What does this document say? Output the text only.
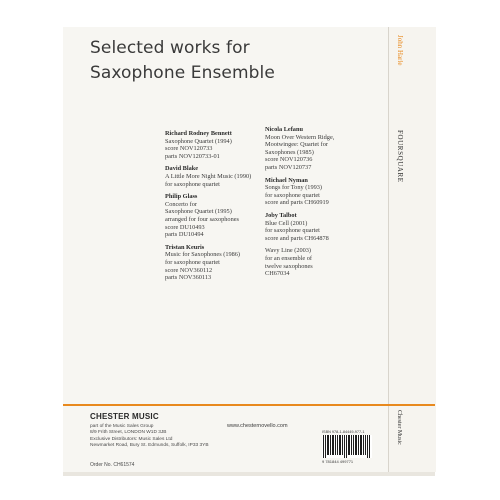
Selected works for
Saxophone Ensemble
John Harle
FOURSQUARE
Chester Music
Richard Rodney Bennett
Saxophone Quartet (1994)
score NOV120733
parts NOV120733-01
David Blake
A Little More Night Music (1990)
for saxophone quartet
Philip Glass
Concerto for
Saxophone Quartet (1995)
arranged for four saxophones
score DU10493
parts DU10494
Tristan Keuris
Music for Saxophones (1986)
for saxophone quartet
score NOV360112
parts NOV360113
Nicola Lefanu
Moon Over Western Ridge,
Mootwingee: Quartet for
Saxophones (1985)
score NOV120736
parts NOV120737
Michael Nyman
Songs for Tony (1993)
for saxophone quartet
score and parts CH60919
Joby Talbot
Blue Cell (2001)
for saxophone quartet
score and parts CH64878
Wavy Line (2003)
for an ensemble of
twelve saxophones
CH67034
CHESTER MUSIC
part of the Music Sales Group
8/9 Frith Street, LONDON W1D 3JB
Exclusive Distributors: Music Sales Ltd
Newmarket Road, Bury St. Edmunds, Suffolk, IP33 3YB
www.chesternovello.com
ISBN 978-1-84449-977-1
9 781844 499771
Order No. CH61574
